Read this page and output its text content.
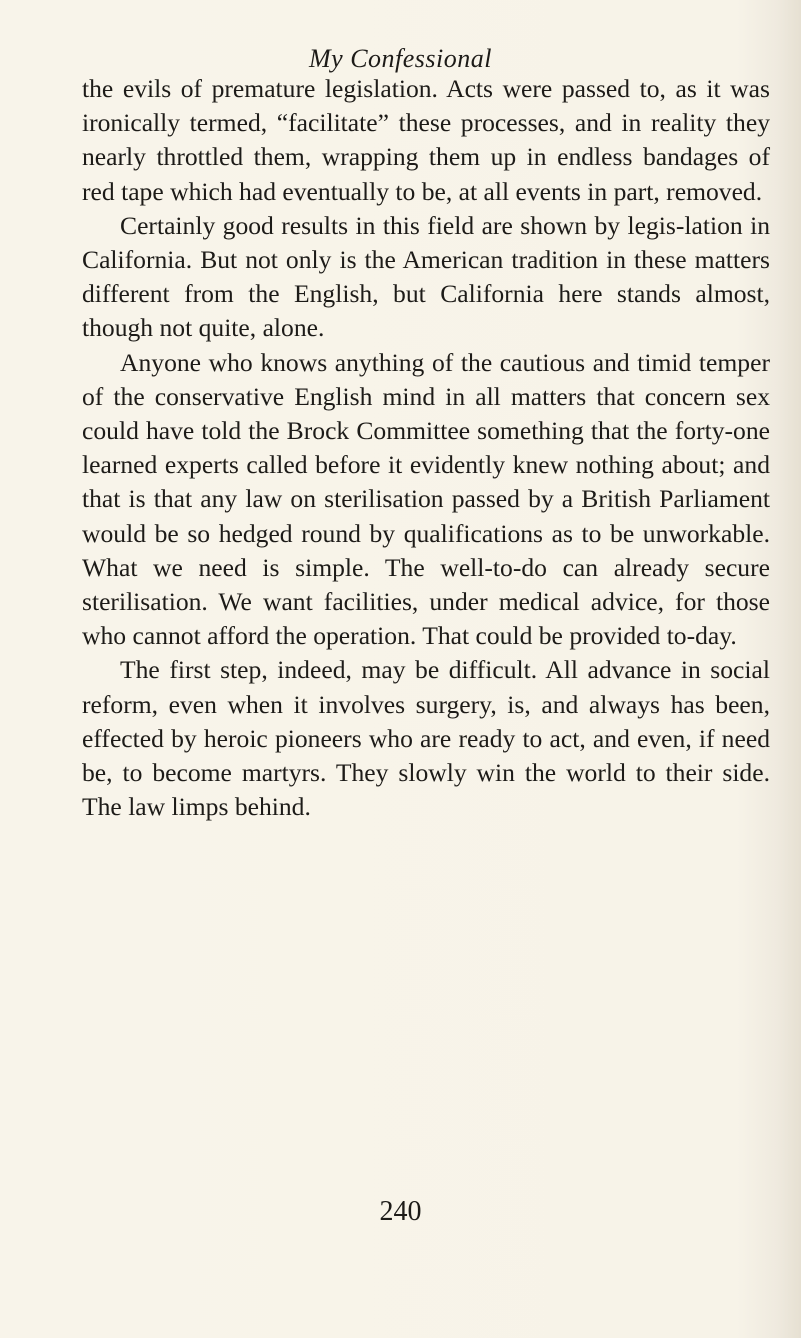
My Confessional

the evils of premature legislation. Acts were passed to, as it was ironically termed, “facilitate” these processes, and in reality they nearly throttled them, wrapping them up in endless bandages of red tape which had eventually to be, at all events in part, removed.

Certainly good results in this field are shown by legis-lation in California. But not only is the American tradition in these matters different from the English, but California here stands almost, though not quite, alone.

Anyone who knows anything of the cautious and timid temper of the conservative English mind in all matters that concern sex could have told the Brock Committee something that the forty-one learned experts called before it evidently knew nothing about; and that is that any law on sterilisation passed by a British Parliament would be so hedged round by qualifications as to be unworkable. What we need is simple. The well-to-do can already secure sterilisation. We want facilities, under medical advice, for those who cannot afford the operation. That could be provided to-day.

The first step, indeed, may be difficult. All advance in social reform, even when it involves surgery, is, and always has been, effected by heroic pioneers who are ready to act, and even, if need be, to become martyrs. They slowly win the world to their side. The law limps behind.

240
